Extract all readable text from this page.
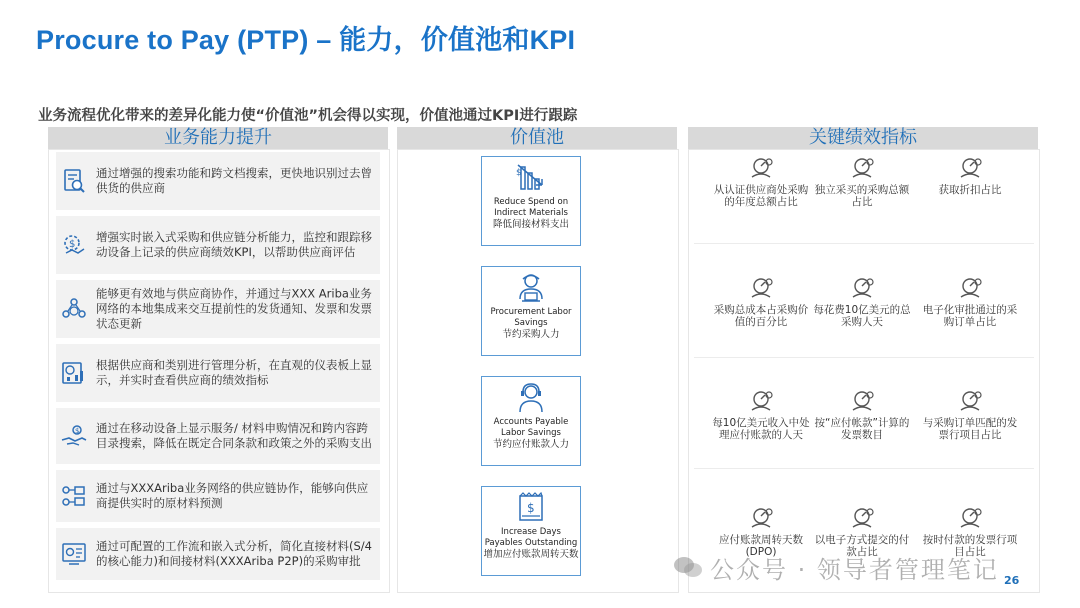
Procure to Pay (PTP) – 能力，价值池和KPI
业务流程优化带来的差异化能力使“价值池”机会得以实现，价值池通过KPI进行跟踪
业务能力提升	价值池	关键绩效指标
通过增强的搜索功能和跨文档搜索，更快地识别过去曾供货的供应商
$
增强实时嵌入式采购和供应链分析能力，监控和跟踪移动设备上记录的供应商绩效KPI，以帮助供应商评估
能够更有效地与供应商协作，并通过与XXX Ariba业务网络的本地集成来交互提前性的发货通知、发票和发票状态更新
根据供应商和类别进行管理分析，在直观的仪表板上显示，并实时查看供应商的绩效指标
$ 通过在移动设备上显示服务/ 材料申购情况和跨内容跨目录搜索，降低在既定合同条款和政策之外的采购支出
通过与XXXAriba业务网络的供应链协作，能够向供应商提供实时的原材料预测
通过可配置的工作流和嵌入式分析，简化直接材料(S/4的核心能力)和间接材料(XXXAriba P2P)的采购审批
$
Reduce Spend on Indirect Materials
降低间接材料支出
Procurement Labor Savings
节约采购人力
Accounts Payable Labor Savings
节约应付账款人力
$
Increase Days Payables Outstanding
增加应付账款周转天数
从认证供应商处采购的年度总额占比
独立采买的采购总额占比
获取折扣占比
采购总成本占采购价值的百分比
每花费10亿美元的总采购人天
电子化审批通过的采购订单占比
每10亿美元收入中处理应付账款的人天
按“应付帐款”计算的发票数目
与采购订单匹配的发票行项目占比
应付账款周转天数(DPO)
以电子方式提交的付款占比
按时付款的发票行项目占比
公众号 · 领导者管理笔记 26
